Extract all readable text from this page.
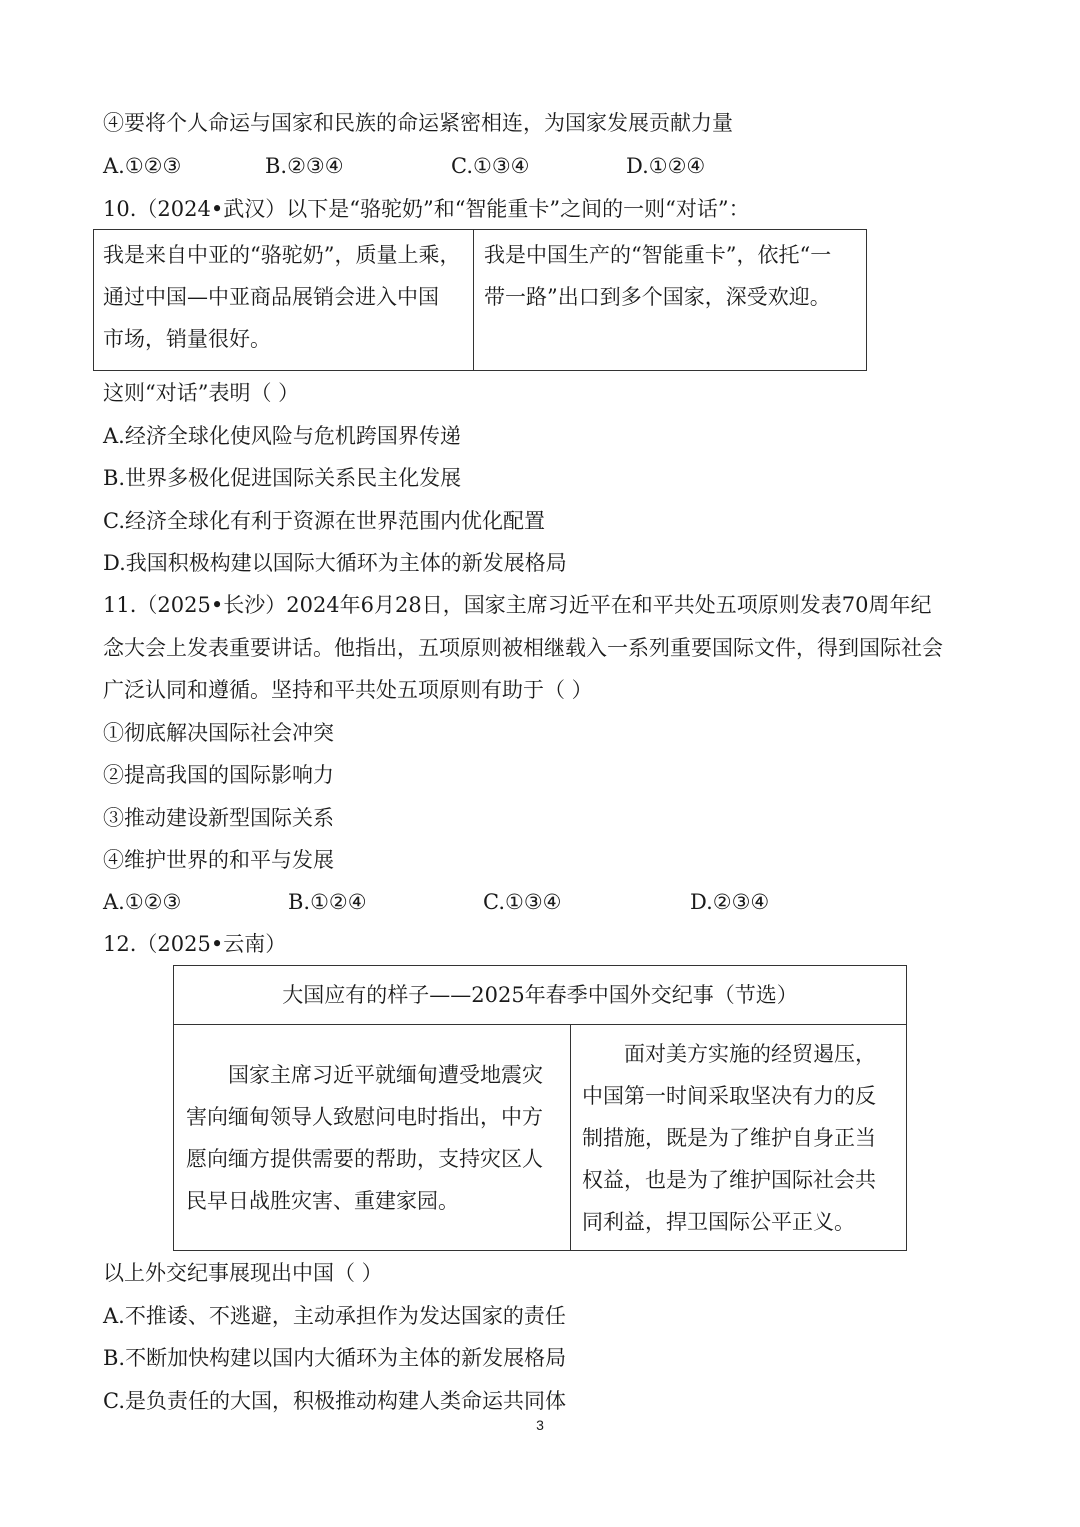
④要将个人命运与国家和民族的命运紧密相连，为国家发展贡献力量
A.①②③	B.②③④	C.①③④	D.①②④
10.（2024•武汉）以下是“骆驼奶”和“智能重卡”之间的一则“对话”：
我是来自中亚的“骆驼奶”，质量上乘，
通过中国—中亚商品展销会进入中国
市场，销量很好。
我是中国生产的“智能重卡”，依托“一
带一路”出口到多个国家，深受欢迎。
这则“对话”表明（ ）
A.经济全球化使风险与危机跨国界传递
B.世界多极化促进国际关系民主化发展
C.经济全球化有利于资源在世界范围内优化配置
D.我国积极构建以国际大循环为主体的新发展格局
11.（2025•长沙）2024年6月28日，国家主席习近平在和平共处五项原则发表70周年纪
念大会上发表重要讲话。他指出，五项原则被相继载入一系列重要国际文件，得到国际社会
广泛认同和遵循。坚持和平共处五项原则有助于（ ）
①彻底解决国际社会冲突
②提高我国的国际影响力
③推动建设新型国际关系
④维护世界的和平与发展
A.①②③	B.①②④	C.①③④	D.②③④
12.（2025•云南）
大国应有的样子——2025年春季中国外交纪事（节选）
国家主席习近平就缅甸遭受地震灾
害向缅甸领导人致慰问电时指出，中方
愿向缅方提供需要的帮助，支持灾区人
民早日战胜灾害、重建家园。
面对美方实施的经贸遏压，
中国第一时间采取坚决有力的反
制措施，既是为了维护自身正当
权益，也是为了维护国际社会共
同利益，捍卫国际公平正义。
以上外交纪事展现出中国（ ）
A.不推诿、不逃避，主动承担作为发达国家的责任
B.不断加快构建以国内大循环为主体的新发展格局
C.是负责任的大国，积极推动构建人类命运共同体
3
